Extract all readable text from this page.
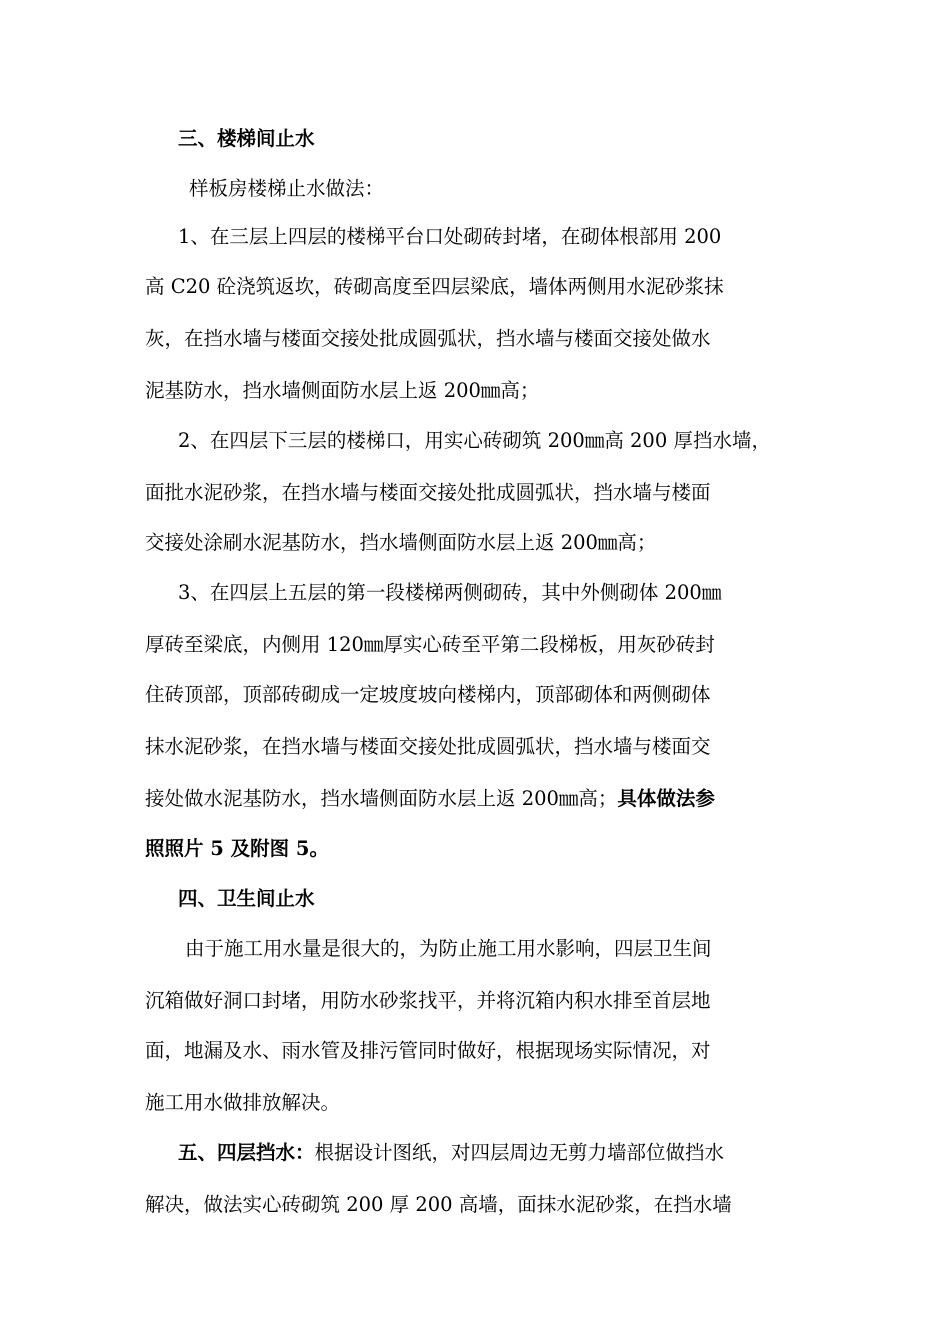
三、楼梯间止水
样板房楼梯止水做法：
1、在三层上四层的楼梯平台口处砌砖封堵，在砌体根部用 200
高 C20 砼浇筑返坎，砖砌高度至四层梁底，墙体两侧用水泥砂浆抹
灰，在挡水墙与楼面交接处批成圆弧状，挡水墙与楼面交接处做水
泥基防水，挡水墙侧面防水层上返 200㎜高；
2、在四层下三层的楼梯口，用实心砖砌筑 200㎜高 200 厚挡水墙，
面批水泥砂浆，在挡水墙与楼面交接处批成圆弧状，挡水墙与楼面
交接处涂刷水泥基防水，挡水墙侧面防水层上返 200㎜高；
3、在四层上五层的第一段楼梯两侧砌砖，其中外侧砌体 200㎜
厚砖至梁底，内侧用 120㎜厚实心砖至平第二段梯板，用灰砂砖封
住砖顶部，顶部砖砌成一定坡度坡向楼梯内，顶部砌体和两侧砌体
抹水泥砂浆，在挡水墙与楼面交接处批成圆弧状，挡水墙与楼面交
接处做水泥基防水，挡水墙侧面防水层上返 200㎜高；具体做法参
照照片 5 及附图 5。
四、卫生间止水
由于施工用水量是很大的，为防止施工用水影响，四层卫生间
沉箱做好洞口封堵，用防水砂浆找平，并将沉箱内积水排至首层地
面，地漏及水、雨水管及排污管同时做好，根据现场实际情况，对
施工用水做排放解决。
五、四层挡水：根据设计图纸，对四层周边无剪力墙部位做挡水
解决，做法实心砖砌筑 200 厚 200 高墙，面抹水泥砂浆，在挡水墙
